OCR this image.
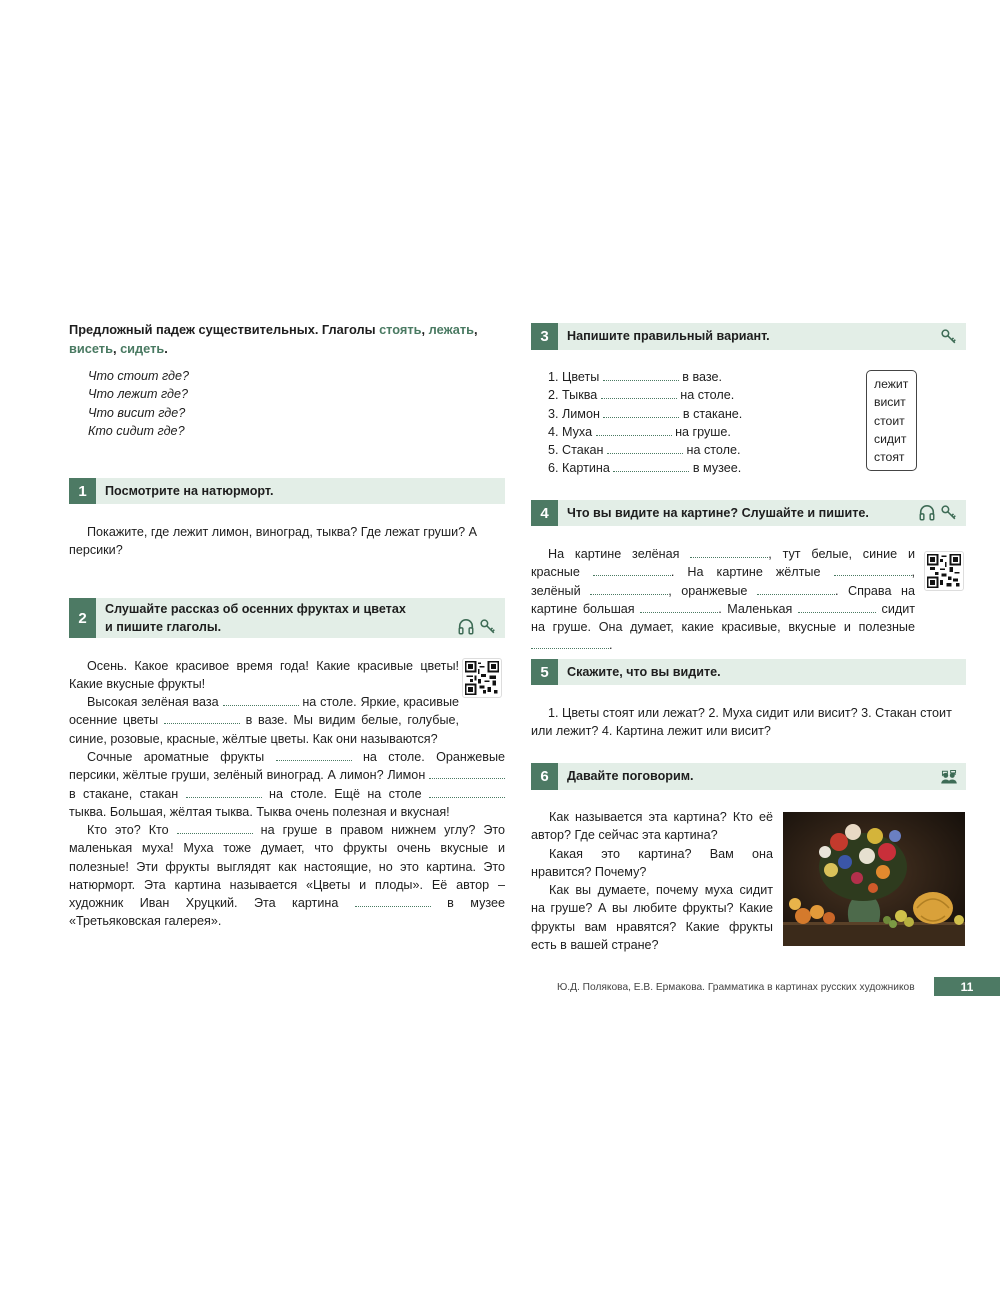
Предложный падеж существительных. Глаголы стоять, лежать,
висеть, сидеть.
Что стоит где?
Что лежит где?
Что висит где?
Кто сидит где?
1	Посмотрите на натюрморт.
Покажите, где лежит лимон, виноград, тыква? Где лежат груши? А персики?
2
Слушайте рассказ об осенних фруктах и цветах
и пишите глаголы.
Осень. Какое красивое время года! Какие красивые цветы! Какие вкусные фрукты!
Высокая зелёная ваза	на столе. Яркие, красивые осенние цветы	в вазе. Мы видим белые, голубые, синие, розовые, красные, жёлтые цветы. Как они называются?
Сочные ароматные фрукты	на столе. Оранжевые персики, жёлтые груши, зелёный виноград. А лимон? Лимон  в стакане, стакан	на столе. Ещё на столе  тыква. Большая, жёлтая тыква. Тыква очень полезная и вкусная!
Кто это? Кто	на груше в правом нижнем углу? Это маленькая муха! Муха тоже думает, что фрукты очень вкусные и полезные! Эти фрукты выглядят как настоящие, но это картина. Это натюрморт. Эта картина называется «Цветы и плоды». Её автор – художник Иван Хруцкий. Эта картина	в музее «Третьяковская галерея».
3	Напишите правильный вариант.
1. Цветы	в вазе.
2. Тыква	на столе.
3. Лимон	в стакане.
4. Муха	на груше.
5. Стакан	на столе.
6. Картина	в музее.
лежит
висит
стоит
сидит
стоят
4	Что вы видите на картине? Слушайте и пишите.
На картине зелёная	, тут белые, синие и красные	. На картине жёлтые	, зелёный	, оранжевые	. Справа на картине большая	. Маленькая	сидит на груше. Она думает, какие красивые, вкусные и полезные .
5	Скажите, что вы видите.
1. Цветы стоят или лежат? 2. Муха сидит или висит? 3. Стакан стоит или лежит? 4. Картина лежит или висит?
6	Давайте поговорим.
Как называется эта картина? Кто её автор? Где сейчас эта картина?
Какая это картина? Вам она нравится? Почему?
Как вы думаете, почему муха сидит на груше? А вы любите фрукты? Какие фрукты вам нравятся? Какие фрукты есть в вашей стране?
Ю.Д. Полякова, Е.В. Ермакова. Грамматика в картинах русских художников	11
